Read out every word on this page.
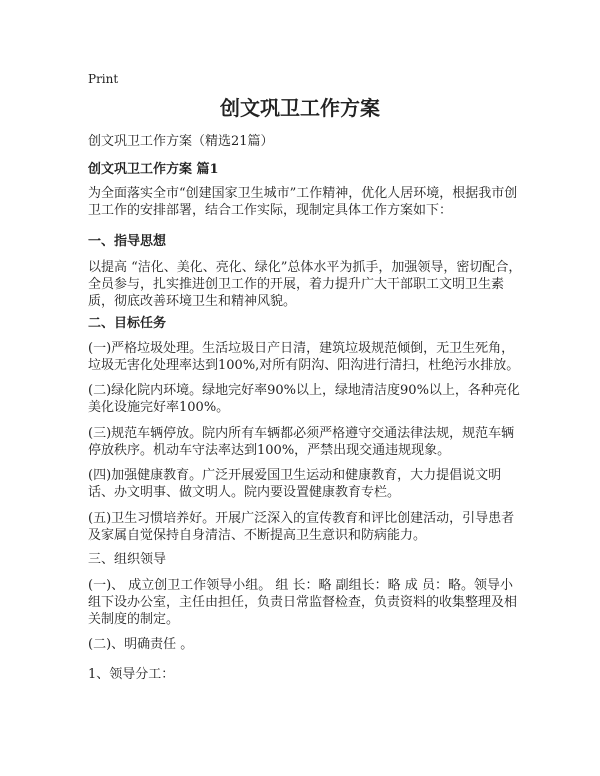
Print

创文巩卫工作方案

创文巩卫工作方案（精选21篇）

创文巩卫工作方案 篇1

为全面落实全市“创建国家卫生城市”工作精神，优化人居环境，根据我市创卫工作的安排部署，结合工作实际，现制定具体工作方案如下：

一、指导思想

以提高 “洁化、美化、亮化、绿化”总体水平为抓手，加强领导，密切配合，全员参与，扎实推进创卫工作的开展，着力提升广大干部职工文明卫生素质，彻底改善环境卫生和精神风貌。

二、目标任务

(一)严格垃圾处理。生活垃圾日产日清，建筑垃圾规范倾倒，无卫生死角，垃圾无害化处理率达到100%,对所有阴沟、阳沟进行清扫，杜绝污水排放。

(二)绿化院内环境。绿地完好率90%以上，绿地清洁度90%以上，各种亮化美化设施完好率100%。

(三)规范车辆停放。院内所有车辆都必须严格遵守交通法律法规，规范车辆停放秩序。机动车守法率达到100%，严禁出现交通违规现象。

(四)加强健康教育。广泛开展爱国卫生运动和健康教育，大力提倡说文明话、办文明事、做文明人。院内要设置健康教育专栏。

(五)卫生习惯培养好。开展广泛深入的宣传教育和评比创建活动，引导患者及家属自觉保持自身清洁、不断提高卫生意识和防病能力。

三、组织领导

(一)、 成立创卫工作领导小组。 组 长：略 副组长：略 成 员：略。领导小组下设办公室，主任由担任，负责日常监督检查，负责资料的收集整理及相关制度的制定。

(二)、明确责任 。

1、领导分工：
